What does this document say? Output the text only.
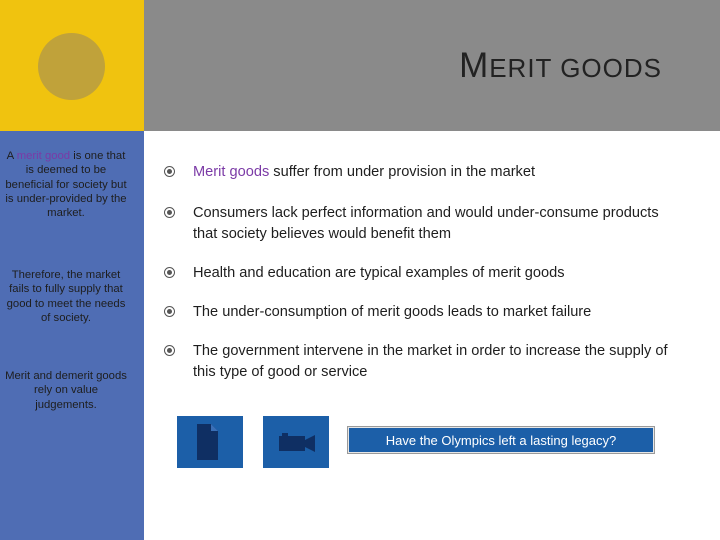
MERIT GOODS
A merit good is one that is deemed to be beneficial for society but is under-provided by the market.
Therefore, the market fails to fully supply that good to meet the needs of society.
Merit and demerit goods rely on value judgements.
Merit goods suffer from under provision in the market
Consumers lack perfect information and would under-consume products that society believes would benefit them
Health and education are typical examples of merit goods
The under-consumption of merit goods leads to market failure
The government intervene in the market in order to increase the supply of this type of good or service
Have the Olympics left a lasting legacy?
